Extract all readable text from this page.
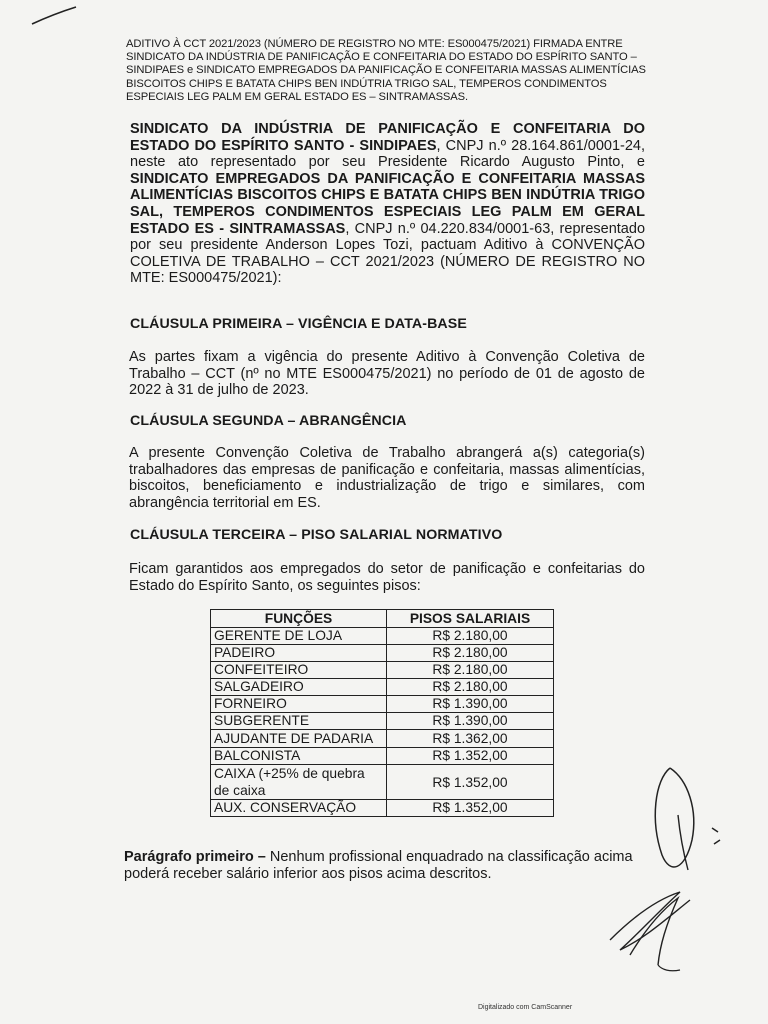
ADITIVO À CCT 2021/2023 (NÚMERO DE REGISTRO NO MTE: ES000475/2021) FIRMADA ENTRE
SINDICATO DA INDÚSTRIA DE PANIFICAÇÃO E CONFEITARIA DO ESTADO DO ESPÍRITO SANTO –
SINDIPAES e SINDICATO EMPREGADOS DA PANIFICAÇÃO E CONFEITARIA MASSAS ALIMENTÍCIAS
BISCOITOS CHIPS E BATATA CHIPS BEN INDÚTRIA TRIGO SAL, TEMPEROS CONDIMENTOS
ESPECIAIS LEG PALM EM GERAL ESTADO ES – SINTRAMASSAS.
SINDICATO DA INDÚSTRIA DE PANIFICAÇÃO E CONFEITARIA DO ESTADO DO ESPÍRITO SANTO - SINDIPAES, CNPJ n.º 28.164.861/0001-24, neste ato representado por seu Presidente Ricardo Augusto Pinto, e SINDICATO EMPREGADOS DA PANIFICAÇÃO E CONFEITARIA MASSAS ALIMENTÍCIAS BISCOITOS CHIPS E BATATA CHIPS BEN INDÚTRIA TRIGO SAL, TEMPEROS CONDIMENTOS ESPECIAIS LEG PALM EM GERAL ESTADO ES - SINTRAMASSAS, CNPJ n.º 04.220.834/0001-63, representado por seu presidente Anderson Lopes Tozi, pactuam Aditivo à CONVENÇÃO COLETIVA DE TRABALHO – CCT 2021/2023 (NÚMERO DE REGISTRO NO MTE: ES000475/2021):
CLÁUSULA PRIMEIRA – VIGÊNCIA E DATA-BASE
As partes fixam a vigência do presente Aditivo à Convenção Coletiva de Trabalho – CCT (nº no MTE ES000475/2021) no período de 01 de agosto de 2022 à 31 de julho de 2023.
CLÁUSULA SEGUNDA – ABRANGÊNCIA
A presente Convenção Coletiva de Trabalho abrangerá a(s) categoria(s) trabalhadores das empresas de panificação e confeitaria, massas alimentícias, biscoitos, beneficiamento e industrialização de trigo e similares, com abrangência territorial em ES.
CLÁUSULA TERCEIRA – PISO SALARIAL NORMATIVO
Ficam garantidos aos empregados do setor de panificação e confeitarias do Estado do Espírito Santo, os seguintes pisos:
FUNÇÕES	PISOS SALARIAIS
GERENTE DE LOJA	R$ 2.180,00
PADEIRO	R$ 2.180,00
CONFEITEIRO	R$ 2.180,00
SALGADEIRO	R$ 2.180,00
FORNEIRO	R$ 1.390,00
SUBGERENTE	R$ 1.390,00
AJUDANTE DE PADARIA	R$ 1.362,00
BALCONISTA	R$ 1.352,00
CAIXA (+25% de quebra de caixa	R$ 1.352,00
AUX. CONSERVAÇÃO	R$ 1.352,00
Parágrafo primeiro – Nenhum profissional enquadrado na classificação acima poderá receber salário inferior aos pisos acima descritos.
Digitalizado com CamScanner
